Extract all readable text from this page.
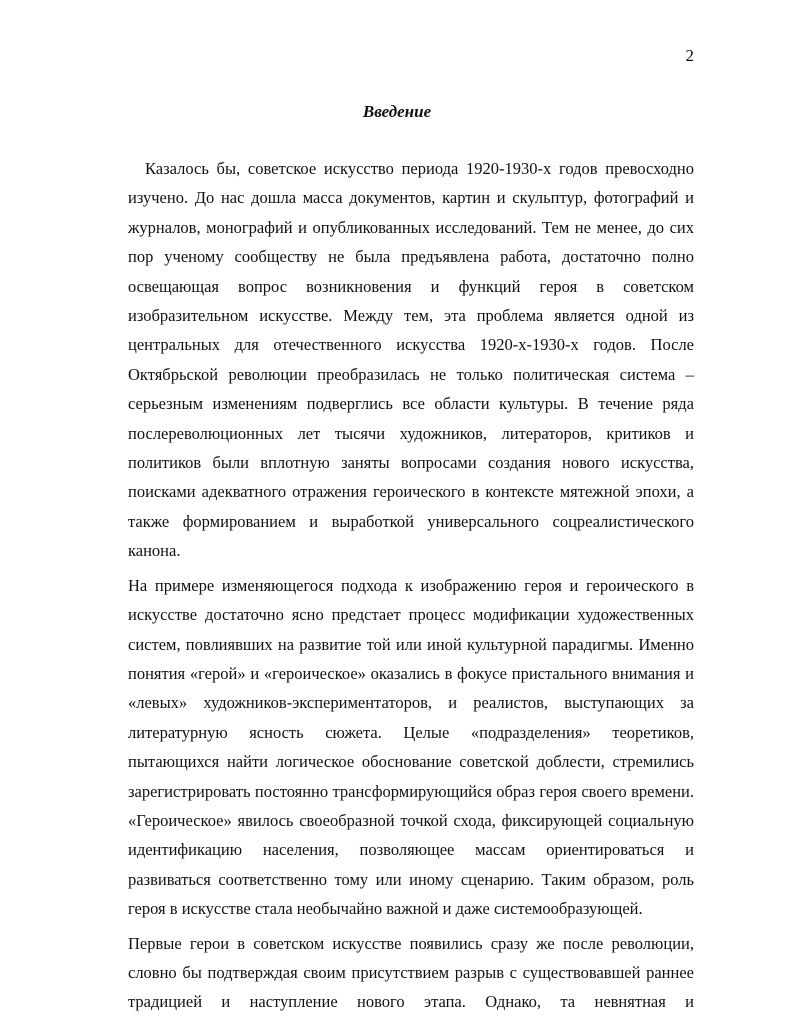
2
Введение

Казалось бы, советское искусство периода 1920-1930-х годов превосходно изучено. До нас дошла масса документов, картин и скульптур, фотографий и журналов, монографий и опубликованных исследований. Тем не менее, до сих пор ученому сообществу не была предъявлена работа, достаточно полно освещающая вопрос возникновения и функций героя в советском изобразительном искусстве. Между тем, эта проблема является одной из центральных для отечественного искусства 1920-х-1930-х годов. После Октябрьской революции преобразилась не только политическая система – серьезным изменениям подверглись все области культуры. В течение ряда послереволюционных лет тысячи художников, литераторов, критиков и политиков были вплотную заняты вопросами создания нового искусства, поисками адекватного отражения героического в контексте мятежной эпохи, а также формированием и выработкой универсального соцреалистического канона.

На примере изменяющегося подхода к изображению героя и героического в искусстве достаточно ясно предстает процесс модификации художественных систем, повлиявших на развитие той или иной культурной парадигмы. Именно понятия «герой» и «героическое» оказались в фокусе пристального внимания и «левых» художников-экспериментаторов, и реалистов, выступающих за литературную ясность сюжета. Целые «подразделения» теоретиков, пытающихся найти логическое обоснование советской доблести, стремились зарегистрировать постоянно трансформирующийся образ героя своего времени. «Героическое» явилось своеобразной точкой схода, фиксирующей социальную идентификацию населения, позволяющее массам ориентироваться и развиваться соответственно тому или иному сценарию. Таким образом, роль героя в искусстве стала необычайно важной и даже системообразующей.

Первые герои в советском искусстве появились сразу же после революции, словно бы подтверждая своим присутствием разрыв с существовавшей раннее традицией и наступление нового этапа. Однако, та невнятная и
